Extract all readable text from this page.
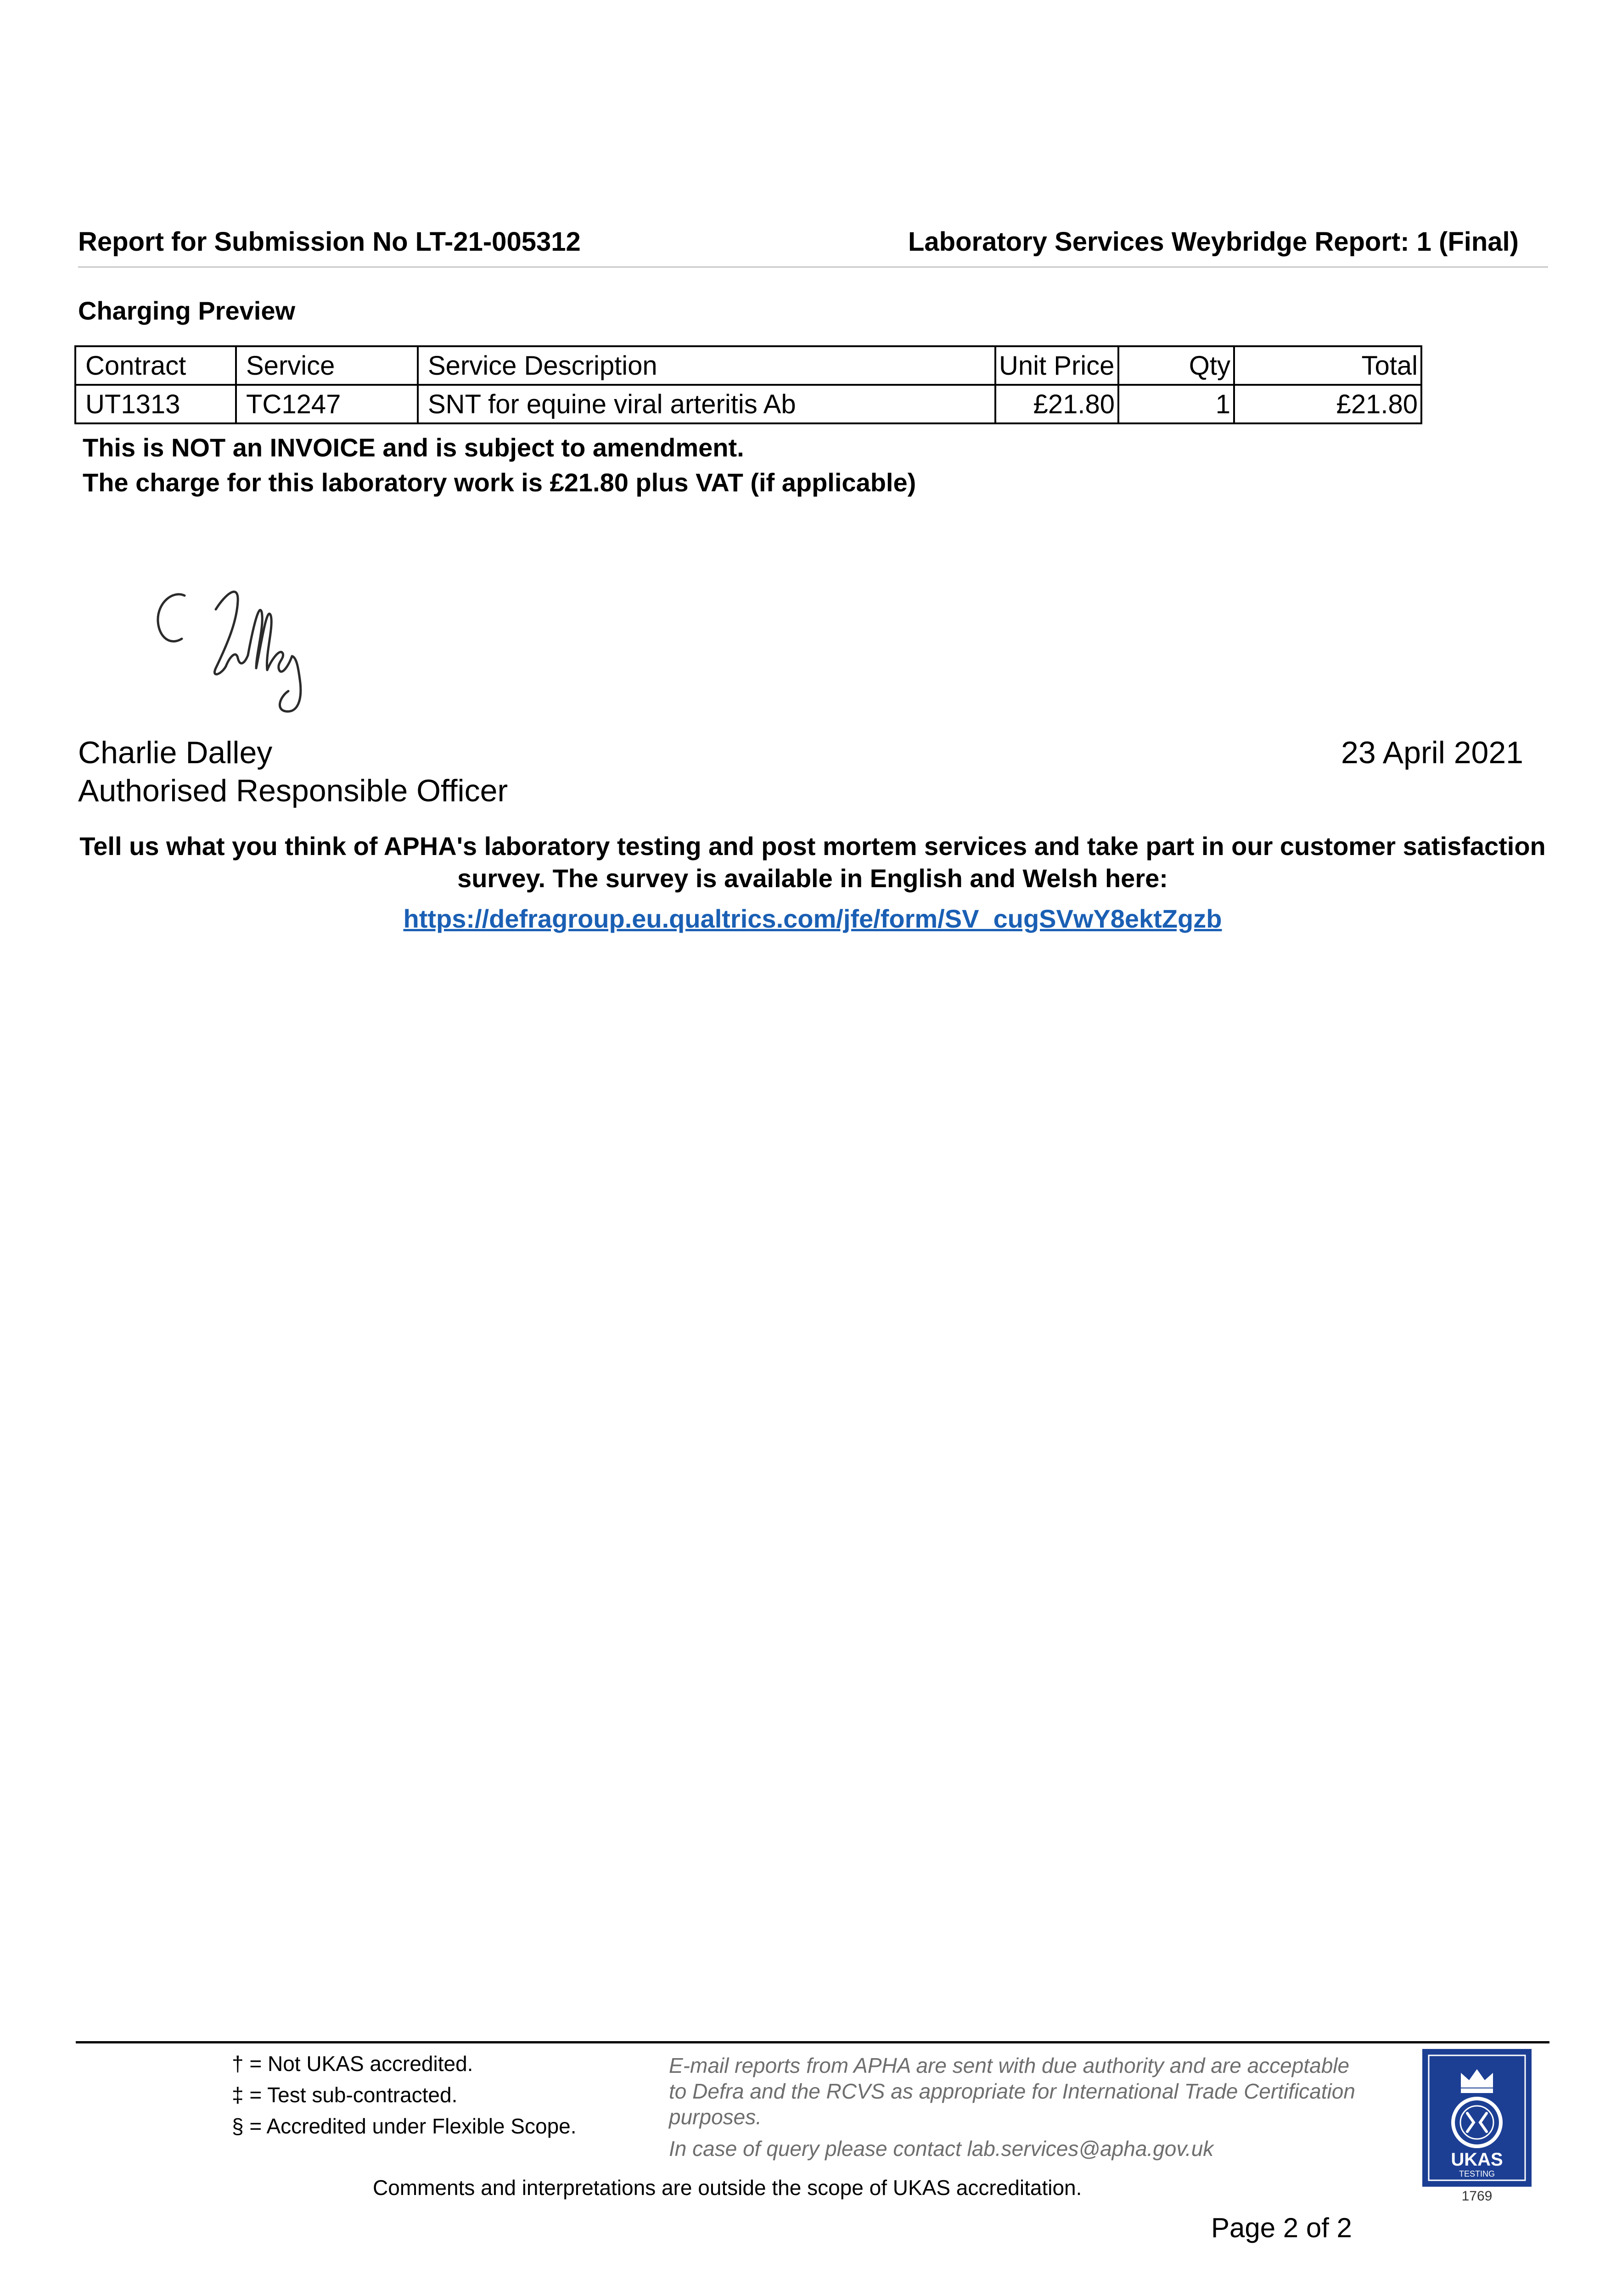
Report for Submission No LT-21-005312	Laboratory Services Weybridge Report: 1 (Final)
Charging Preview
Contract	Service	Service Description	Unit Price	Qty	Total
UT1313	TC1247	SNT for equine viral arteritis Ab	£21.80	1	£21.80
This is NOT an INVOICE and is subject to amendment.
The charge for this laboratory work is £21.80 plus VAT (if applicable)
Charlie Dalley
Authorised Responsible Officer
23 April 2021
Tell us what you think of APHA's laboratory testing and post mortem services and take part in our customer satisfaction survey. The survey is available in English and Welsh here:
https://defragroup.eu.qualtrics.com/jfe/form/SV_cugSVwY8ektZgzb
† = Not UKAS accredited.
‡ = Test sub-contracted.
§ = Accredited under Flexible Scope.
E-mail reports from APHA are sent with due authority and are acceptable to Defra and the RCVS as appropriate for International Trade Certification purposes.
In case of query please contact lab.services@apha.gov.uk
Comments and interpretations are outside the scope of UKAS accreditation.
UKAS
TESTING
1769
Page 2 of 2
